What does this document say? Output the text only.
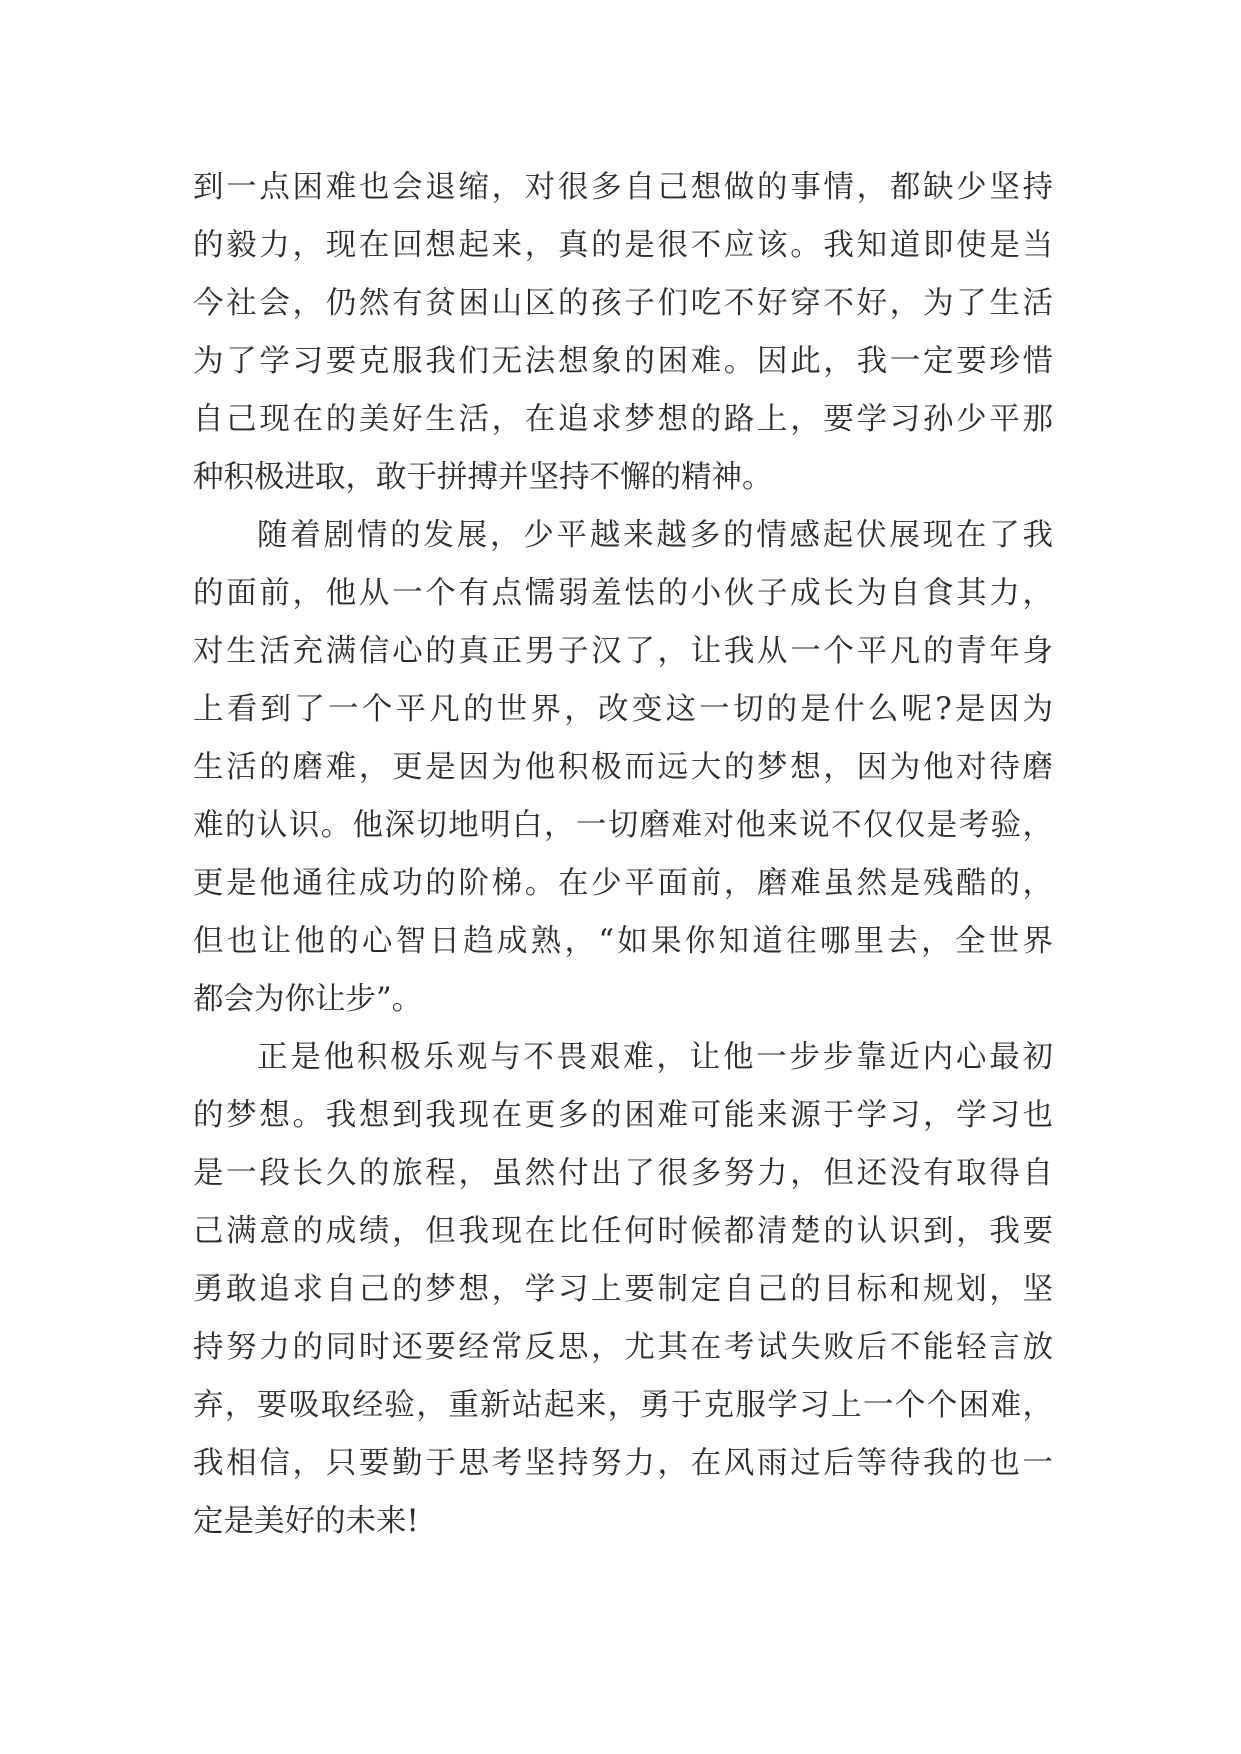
到一点困难也会退缩，对很多自己想做的事情，都缺少坚持
的毅力，现在回想起来，真的是很不应该。我知道即使是当
今社会，仍然有贫困山区的孩子们吃不好穿不好，为了生活
为了学习要克服我们无法想象的困难。因此，我一定要珍惜
自己现在的美好生活，在追求梦想的路上，要学习孙少平那
种积极进取，敢于拼搏并坚持不懈的精神。
随着剧情的发展，少平越来越多的情感起伏展现在了我
的面前，他从一个有点懦弱羞怯的小伙子成长为自食其力，
对生活充满信心的真正男子汉了，让我从一个平凡的青年身
上看到了一个平凡的世界，改变这一切的是什么呢?是因为
生活的磨难，更是因为他积极而远大的梦想，因为他对待磨
难的认识。他深切地明白，一切磨难对他来说不仅仅是考验，
更是他通往成功的阶梯。在少平面前，磨难虽然是残酷的，
但也让他的心智日趋成熟，“如果你知道往哪里去，全世界
都会为你让步”。
正是他积极乐观与不畏艰难，让他一步步靠近内心最初
的梦想。我想到我现在更多的困难可能来源于学习，学习也
是一段长久的旅程，虽然付出了很多努力，但还没有取得自
己满意的成绩，但我现在比任何时候都清楚的认识到，我要
勇敢追求自己的梦想，学习上要制定自己的目标和规划，坚
持努力的同时还要经常反思，尤其在考试失败后不能轻言放
弃，要吸取经验，重新站起来，勇于克服学习上一个个困难，
我相信，只要勤于思考坚持努力，在风雨过后等待我的也一
定是美好的未来!
